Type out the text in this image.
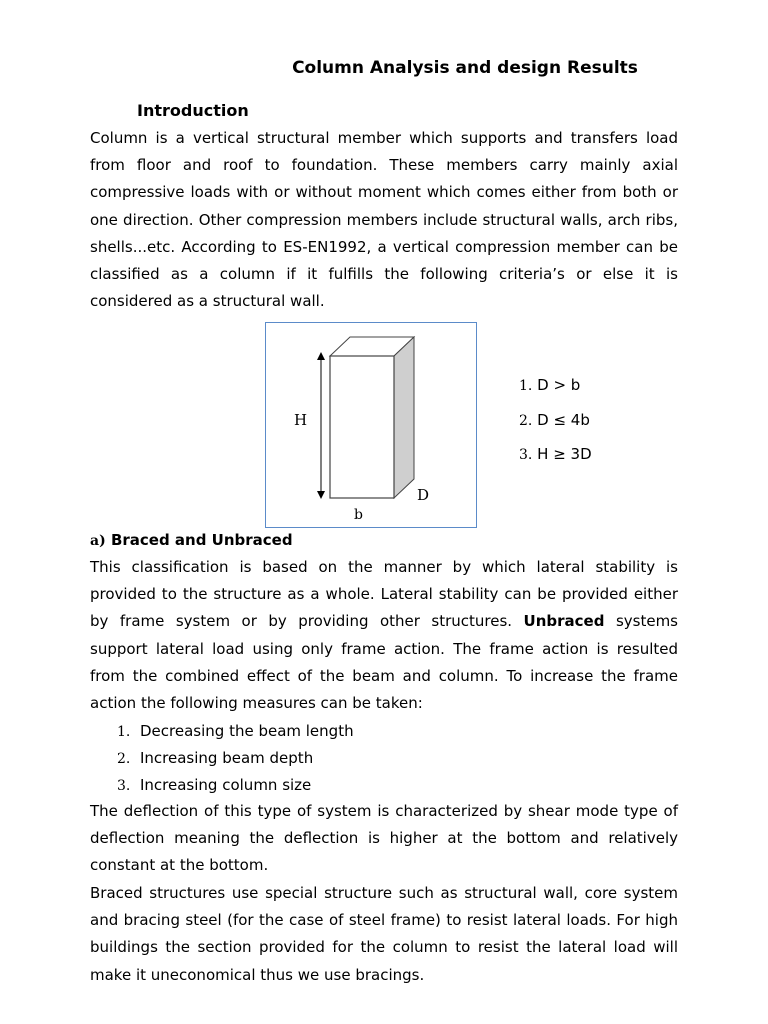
Column Analysis and design Results
Introduction
Column is a vertical structural member which supports and transfers load from floor and roof to foundation. These members carry mainly axial compressive loads with or without moment which comes either from both or one direction. Other compression members include structural walls, arch ribs, shells...etc. According to ES-EN1992, a vertical compression member can be classified as a column if it fulfills the following criteria’s or else it is considered as a structural wall.
H
D
b
1. D > b
2. D ≤ 4b
3. H ≥ 3D
a) Braced and Unbraced
This classification is based on the manner by which lateral stability is provided to the structure as a whole. Lateral stability can be provided either by frame system or by providing other structures. Unbraced systems support lateral load using only frame action. The frame action is resulted from the combined effect of the beam and column. To increase the frame action the following measures can be taken:
1. Decreasing the beam length
2. Increasing beam depth
3. Increasing column size
The deflection of this type of system is characterized by shear mode type of deflection meaning the deflection is higher at the bottom and relatively constant at the bottom.
Braced structures use special structure such as structural wall, core system and bracing steel (for the case of steel frame) to resist lateral loads. For high buildings the section provided for the column to resist the lateral load will make it uneconomical thus we use bracings.
